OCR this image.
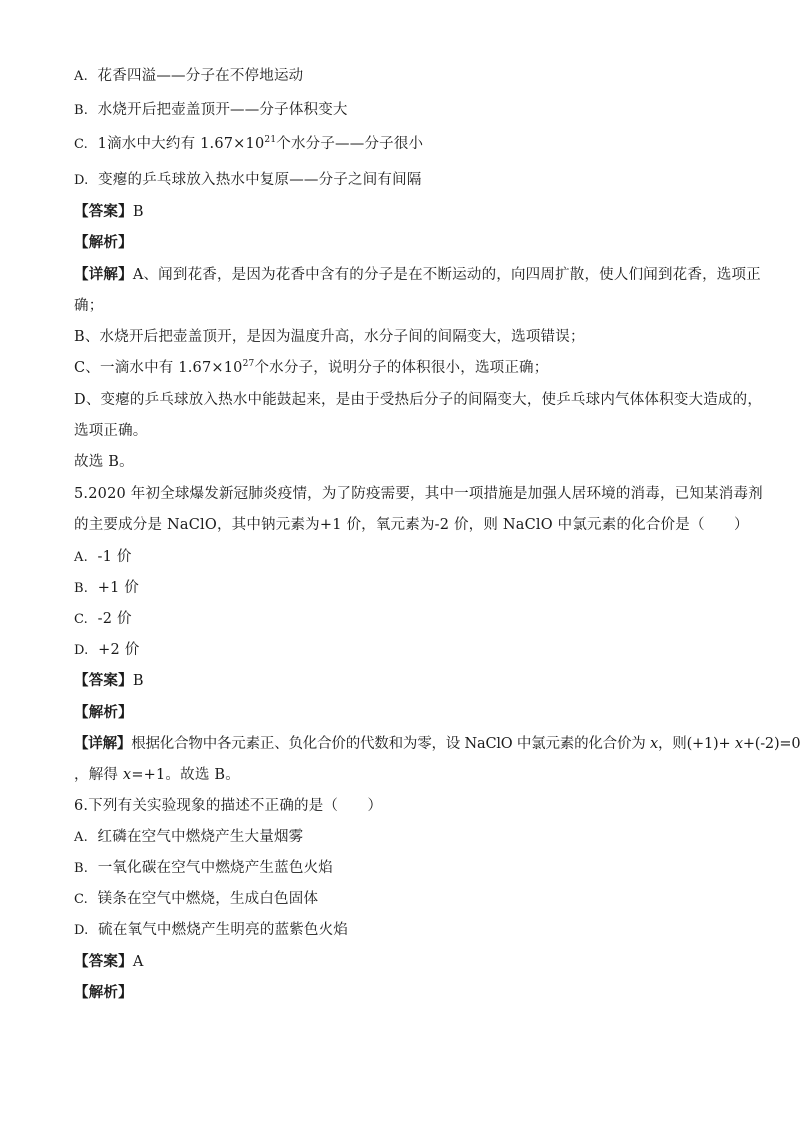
A. 花香四溢——分子在不停地运动
B. 水烧开后把壶盖顶开——分子体积变大
C. 1滴水中大约有 $1.67\times 10^{21}$个水分子——分子很小
D. 变瘪的乒乓球放入热水中复原——分子之间有间隔
【答案】B
【解析】
【详解】A、闻到花香，是因为花香中含有的分子是在不断运动的，向四周扩散，使人们闻到花香，选项正
确；
B、水烧开后把壶盖顶开，是因为温度升高，水分子间的间隔变大，选项错误；
C、一滴水中有 $1.67\times 10^{27}$个水分子，说明分子的体积很小，选项正确；
D、变瘪的乒乓球放入热水中能鼓起来，是由于受热后分子的间隔变大，使乒乓球内气体体积变大造成的，
选项正确。
故选 B。
5.2020 年初全球爆发新冠肺炎疫情，为了防疫需要，其中一项措施是加强人居环境的消毒，已知某消毒剂
的主要成分是 NaClO，其中钠元素为+1 价，氧元素为-2 价，则 NaClO 中氯元素的化合价是（　　）
A. -1 价
B. +1 价
C. -2 价
D. +2 价
【答案】B
【解析】
【详解】根据化合物中各元素正、负化合价的代数和为零，设 NaClO 中氯元素的化合价为 x，则(+1)+ x+(-2)=0
，解得 x=+1。故选 B。
6.下列有关实验现象的描述不正确的是（　　）
A. 红磷在空气中燃烧产生大量烟雾
B. 一氧化碳在空气中燃烧产生蓝色火焰
C. 镁条在空气中燃烧，生成白色固体
D. 硫在氧气中燃烧产生明亮的蓝紫色火焰
【答案】A
【解析】
